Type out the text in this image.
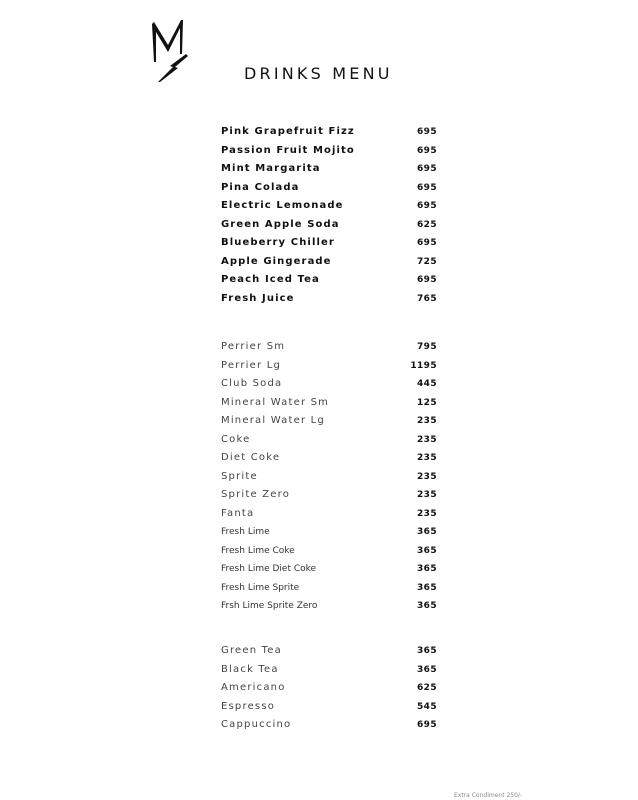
DRINKS MENU
Pink Grapefruit Fizz	695
Passion Fruit Mojito	695
Mint Margarita	695
Pina Colada	695
Electric Lemonade	695
Green Apple Soda	625
Blueberry Chiller	695
Apple Gingerade	725
Peach Iced Tea	695
Fresh Juice	765
Perrier Sm	795
Perrier Lg	1195
Club Soda	445
Mineral Water Sm	125
Mineral Water Lg	235
Coke	235
Diet Coke	235
Sprite	235
Sprite Zero	235
Fanta	235
Fresh Lime	365
Fresh Lime Coke	365
Fresh Lime Diet Coke	365
Fresh Lime Sprite	365
Frsh Lime Sprite Zero	365
Green Tea	365
Black Tea	365
Americano	625
Espresso	545
Cappuccino	695
Extra Condiment 250/-
